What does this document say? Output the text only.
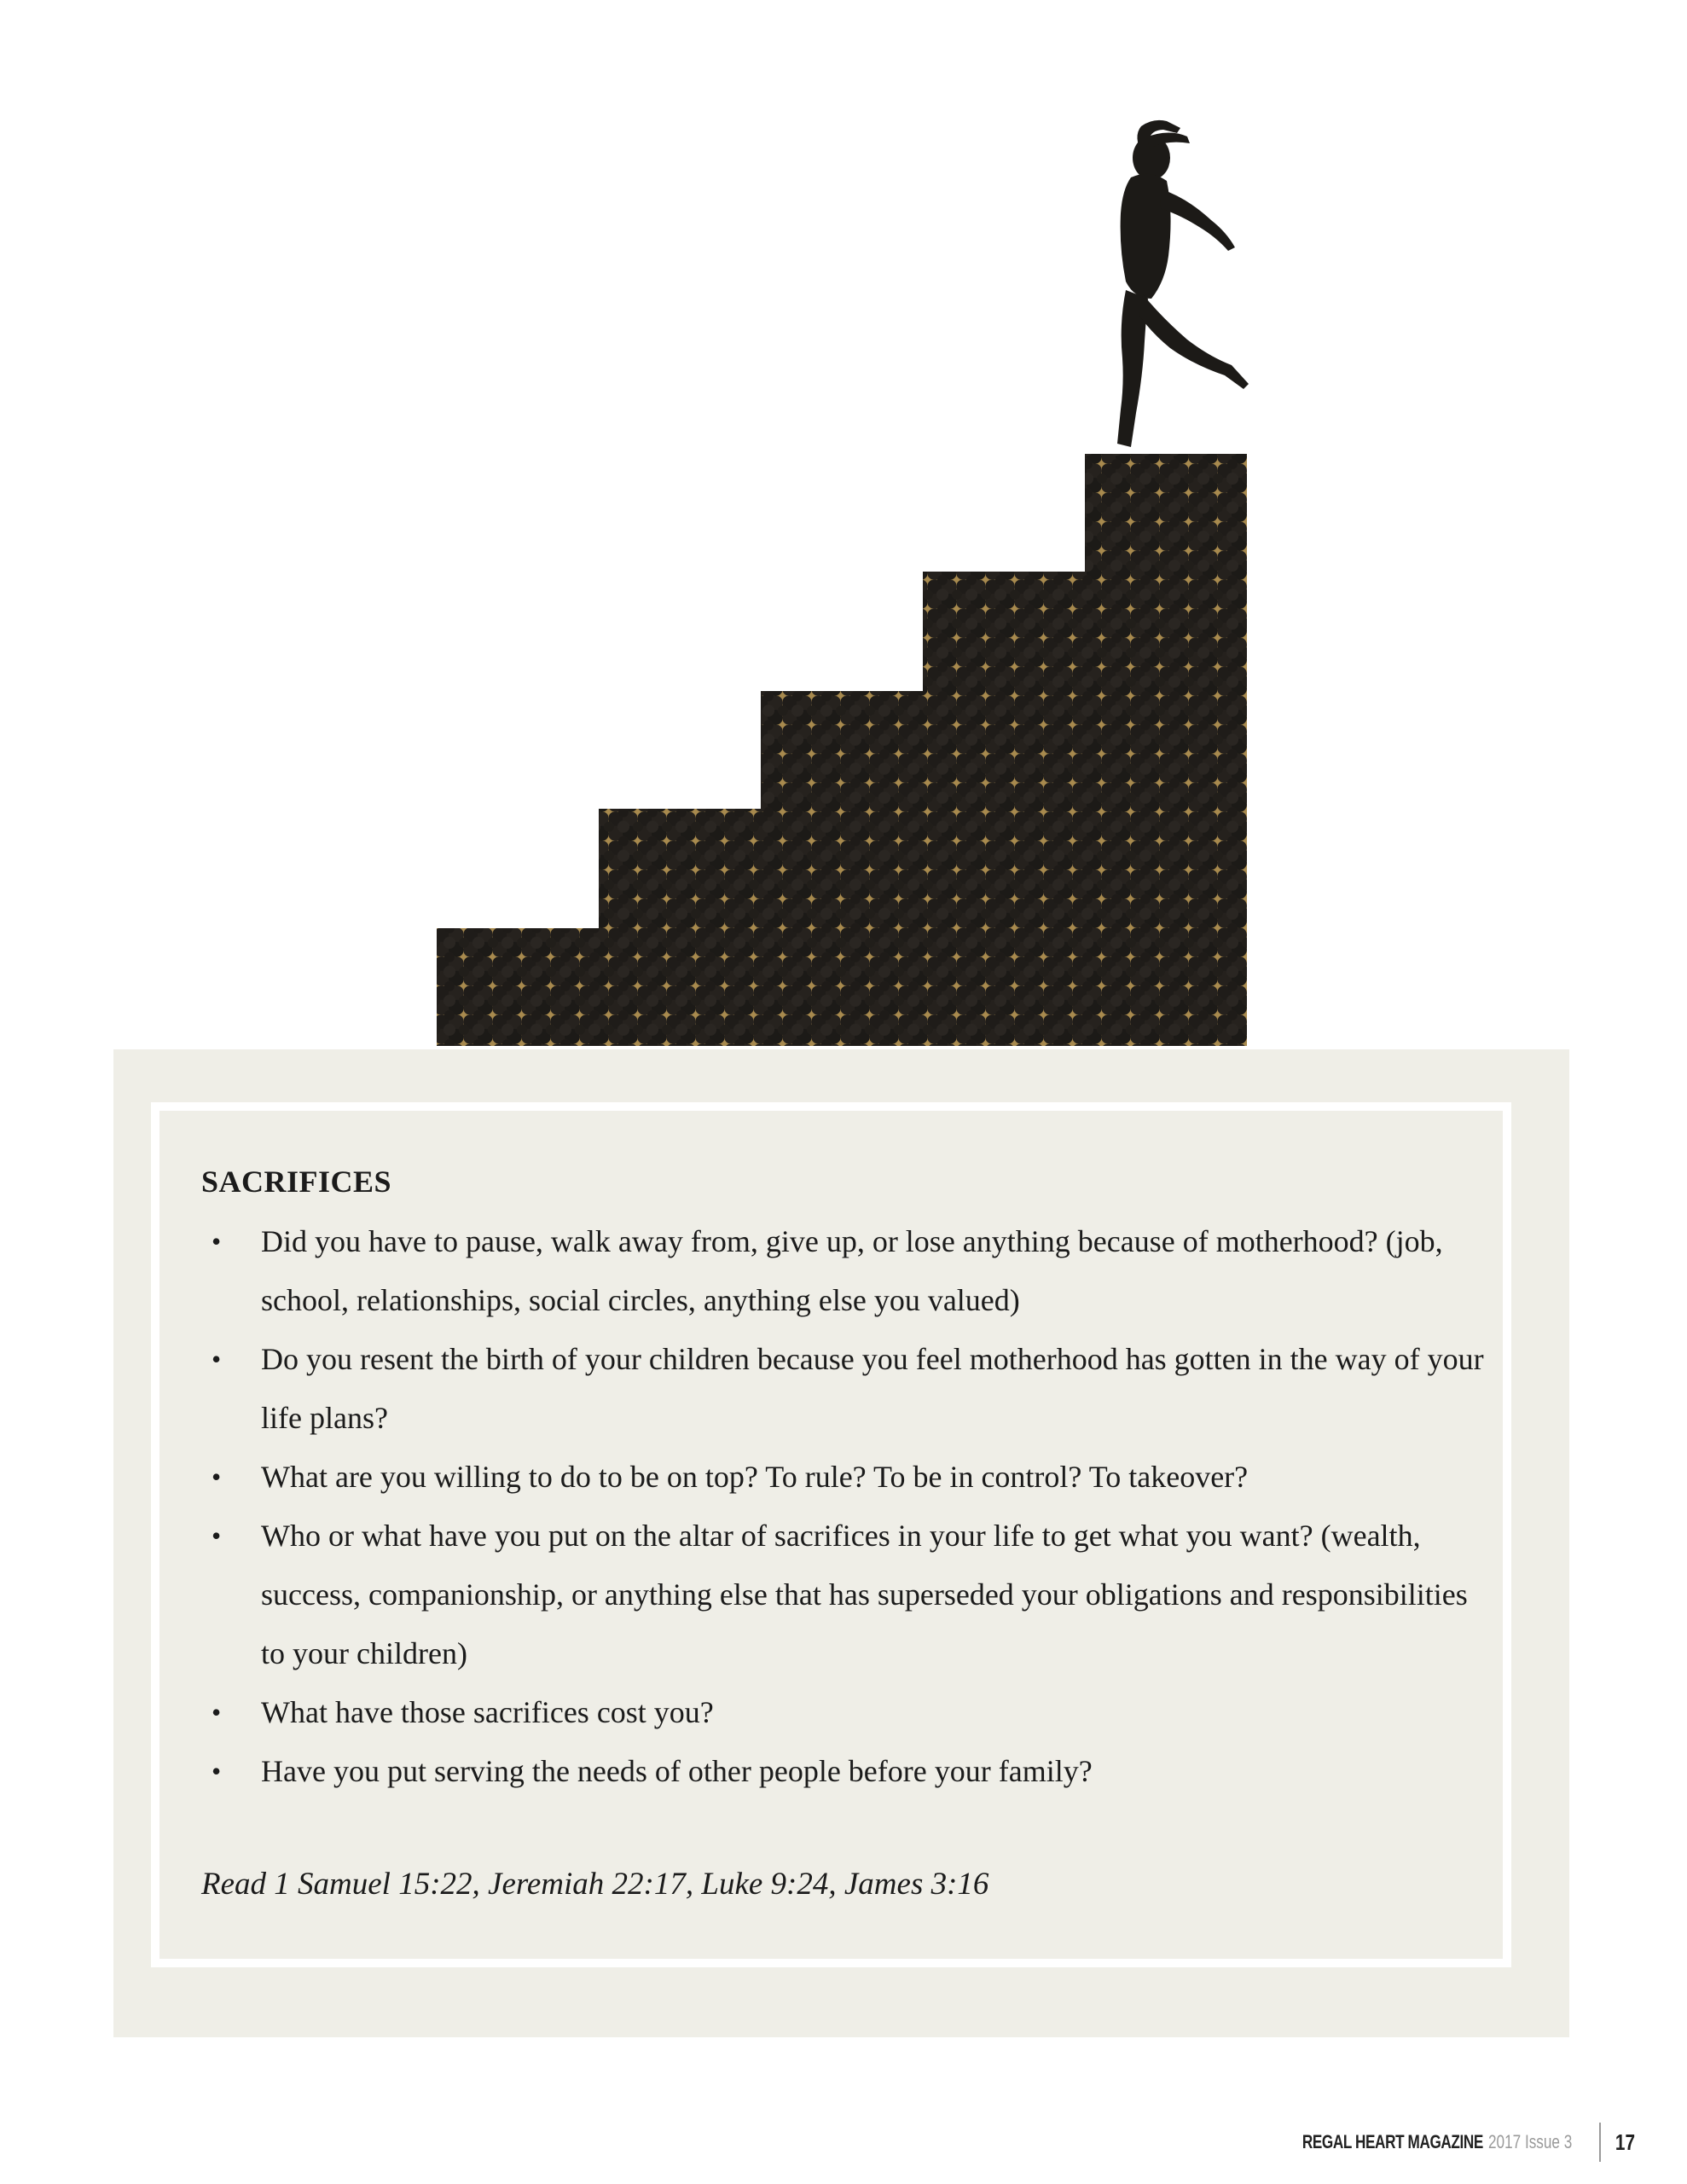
SACRIFICES
• Did you have to pause, walk away from, give up, or lose anything because of motherhood? (job, school, relationships, social circles, anything else you valued)
• Do you resent the birth of your children because you feel motherhood has gotten in the way of your life plans?
• What are you willing to do to be on top? To rule? To be in control? To takeover?
• Who or what have you put on the altar of sacrifices in your life to get what you want? (wealth, success, companionship, or anything else that has superseded your obligations and responsibilities to your children)
• What have those sacrifices cost you?
• Have you put serving the needs of other people before your family?

Read 1 Samuel 15:22, Jeremiah 22:17, Luke 9:24, James 3:16

REGAL HEART MAGAZINE 2017 Issue 3 17
